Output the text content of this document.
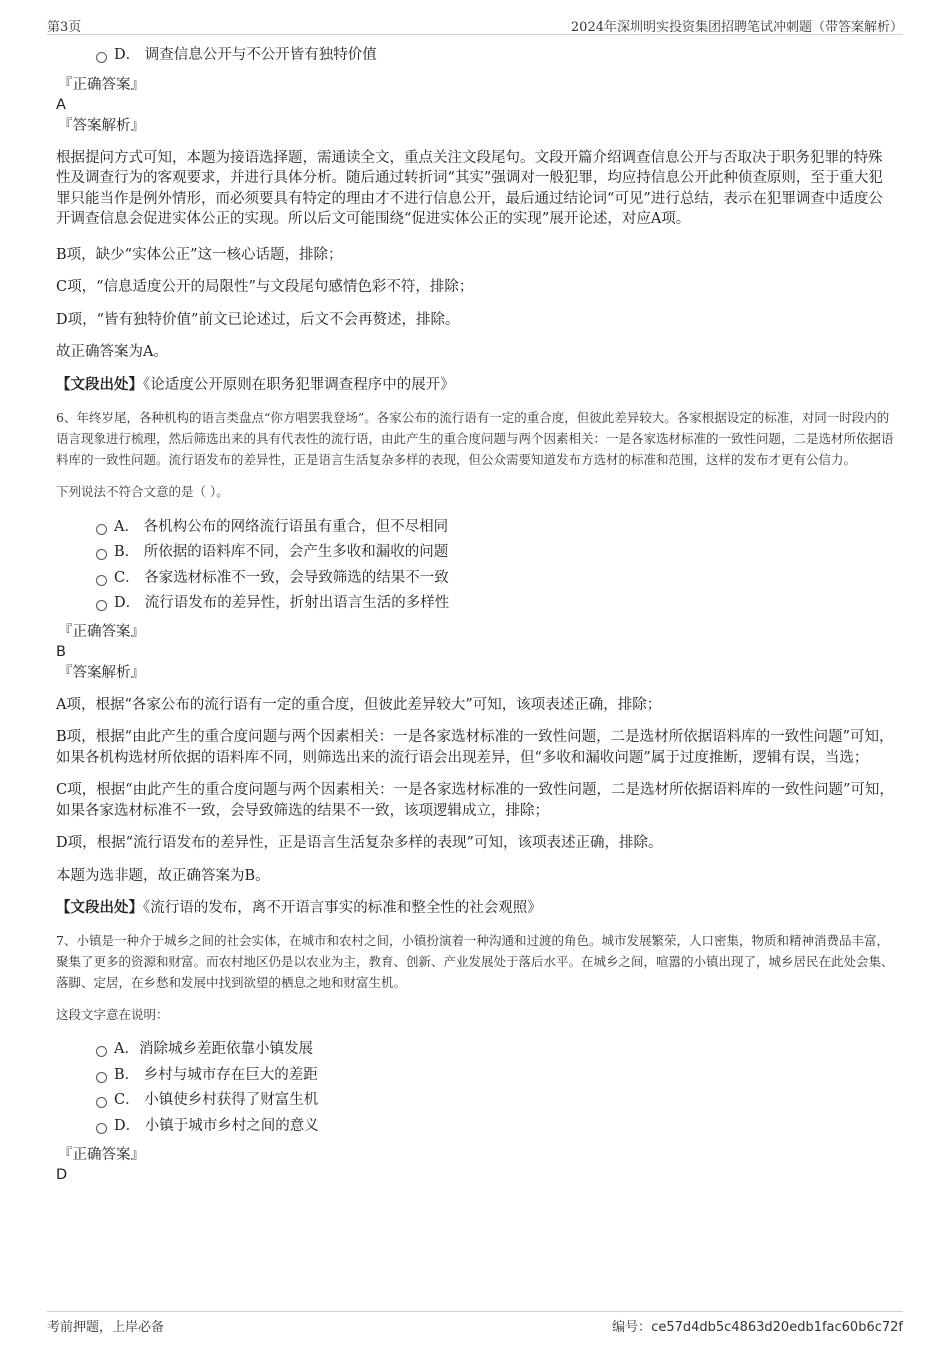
第3页	2024年深圳明实投资集团招聘笔试冲刺题（带答案解析）
D． 调查信息公开与不公开皆有独特价值
『正确答案』
A
『答案解析』

根据提问方式可知，本题为接语选择题，需通读全文，重点关注文段尾句。文段开篇介绍调查信息公开与否取决于职务犯罪的特殊性及调查行为的客观要求，并进行具体分析。随后通过转折词“其实”强调对一般犯罪，均应持信息公开此种侦查原则，至于重大犯罪只能当作是例外情形，而必须要具有特定的理由才不进行信息公开，最后通过结论词“可见”进行总结，表示在犯罪调查中适度公开调查信息会促进实体公正的实现。所以后文可能围绕“促进实体公正的实现”展开论述，对应A项。

B项，缺少“实体公正”这一核心话题，排除；

C项，“信息适度公开的局限性”与文段尾句感情色彩不符，排除；

D项，“皆有独特价值”前文已论述过，后文不会再赘述，排除。

故正确答案为A。

【文段出处】《论适度公开原则在职务犯罪调查程序中的展开》

6、年终岁尾，各种机构的语言类盘点“你方唱罢我登场”。各家公布的流行语有一定的重合度，但彼此差异较大。各家根据设定的标准，对同一时段内的语言现象进行梳理，然后筛选出来的具有代表性的流行语，由此产生的重合度问题与两个因素相关：一是各家选材标准的一致性问题，二是选材所依据语料库的一致性问题。流行语发布的差异性，正是语言生活复杂多样的表现，但公众需要知道发布方选材的标准和范围，这样的发布才更有公信力。

下列说法不符合文意的是（ ）。

A． 各机构公布的网络流行语虽有重合，但不尽相同
B． 所依据的语料库不同，会产生多收和漏收的问题
C． 各家选材标准不一致，会导致筛选的结果不一致
D． 流行语发布的差异性，折射出语言生活的多样性
『正确答案』
B
『答案解析』

A项，根据“各家公布的流行语有一定的重合度，但彼此差异较大”可知，该项表述正确，排除；

B项，根据“由此产生的重合度问题与两个因素相关：一是各家选材标准的一致性问题，二是选材所依据语料库的一致性问题”可知，如果各机构选材所依据的语料库不同，则筛选出来的流行语会出现差异，但“多收和漏收问题”属于过度推断，逻辑有误，当选；

C项，根据“由此产生的重合度问题与两个因素相关：一是各家选材标准的一致性问题，二是选材所依据语料库的一致性问题”可知，如果各家选材标准不一致，会导致筛选的结果不一致，该项逻辑成立，排除；

D项，根据“流行语发布的差异性，正是语言生活复杂多样的表现”可知，该项表述正确，排除。

本题为选非题，故正确答案为B。

【文段出处】《流行语的发布，离不开语言事实的标准和整全性的社会观照》

7、小镇是一种介于城乡之间的社会实体，在城市和农村之间，小镇扮演着一种沟通和过渡的角色。城市发展繁荣，人口密集，物质和精神消费品丰富，聚集了更多的资源和财富。而农村地区仍是以农业为主，教育、创新、产业发展处于落后水平。在城乡之间，喧嚣的小镇出现了，城乡居民在此处会集、落脚、定居，在乡愁和发展中找到欲望的栖息之地和财富生机。

这段文字意在说明：

A．消除城乡差距依靠小镇发展
B． 乡村与城市存在巨大的差距
C． 小镇使乡村获得了财富生机
D． 小镇于城市乡村之间的意义
『正确答案』
D
考前押题，上岸必备	编号：ce57d4db5c4863d20edb1fac60b6c72f
